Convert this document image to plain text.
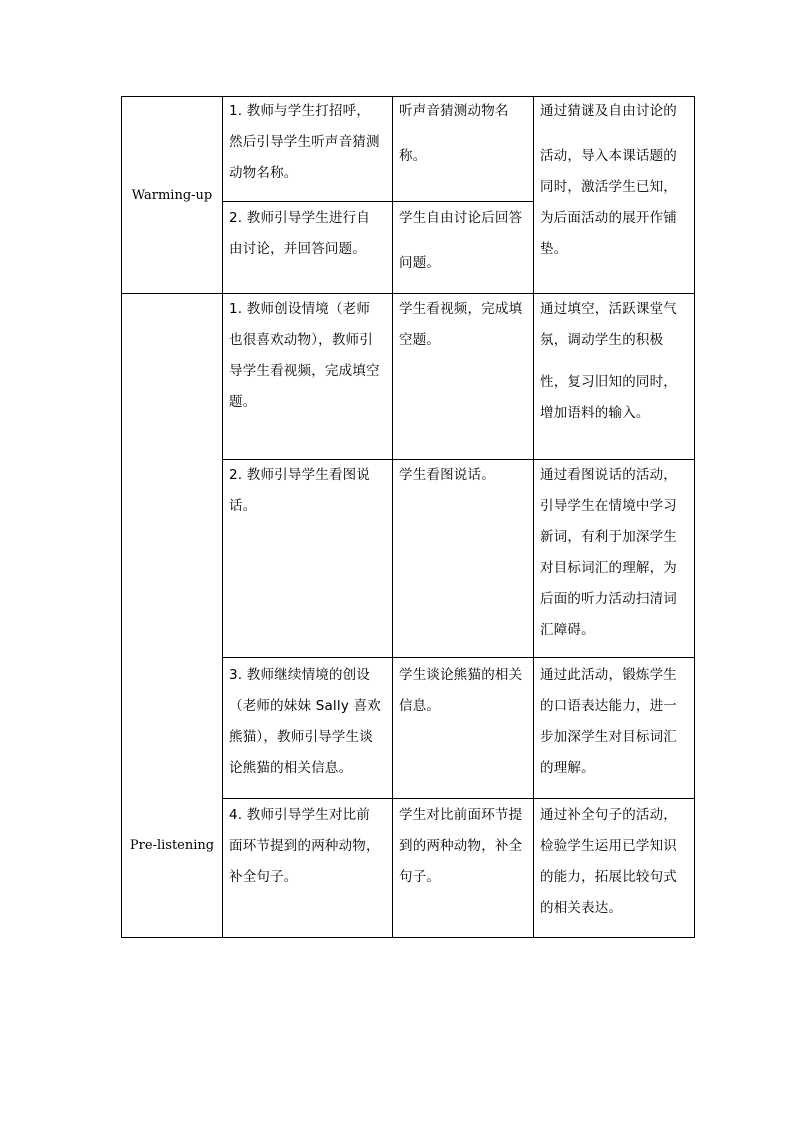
Warming-up
1. 教师与学生打招呼，
然后引导学生听声音猜测
动物名称。
听声音猜测动物名
称。
2. 教师引导学生进行自
由讨论，并回答问题。
学生自由讨论后回答
问题。
通过猜谜及自由讨论的
活动，导入本课话题的
同时，激活学生已知，
为后面活动的展开作铺
垫。
Pre-listening
1. 教师创设情境（老师
也很喜欢动物），教师引
导学生看视频，完成填空
题。
学生看视频，完成填
空题。
通过填空，活跃课堂气
氛，调动学生的积极
性，复习旧知的同时，
增加语料的输入。
2. 教师引导学生看图说
话。
学生看图说话。	通过看图说话的活动，
引导学生在情境中学习
新词，有利于加深学生
对目标词汇的理解，为
后面的听力活动扫清词
汇障碍。
3. 教师继续情境的创设
（老师的妹妹 Sally 喜欢
熊猫），教师引导学生谈
论熊猫的相关信息。
学生谈论熊猫的相关
信息。
通过此活动，锻炼学生
的口语表达能力，进一
步加深学生对目标词汇
的理解。
4. 教师引导学生对比前
面环节提到的两种动物，
补全句子。
学生对比前面环节提
到的两种动物，补全
句子。
通过补全句子的活动，
检验学生运用已学知识
的能力，拓展比较句式
的相关表达。
